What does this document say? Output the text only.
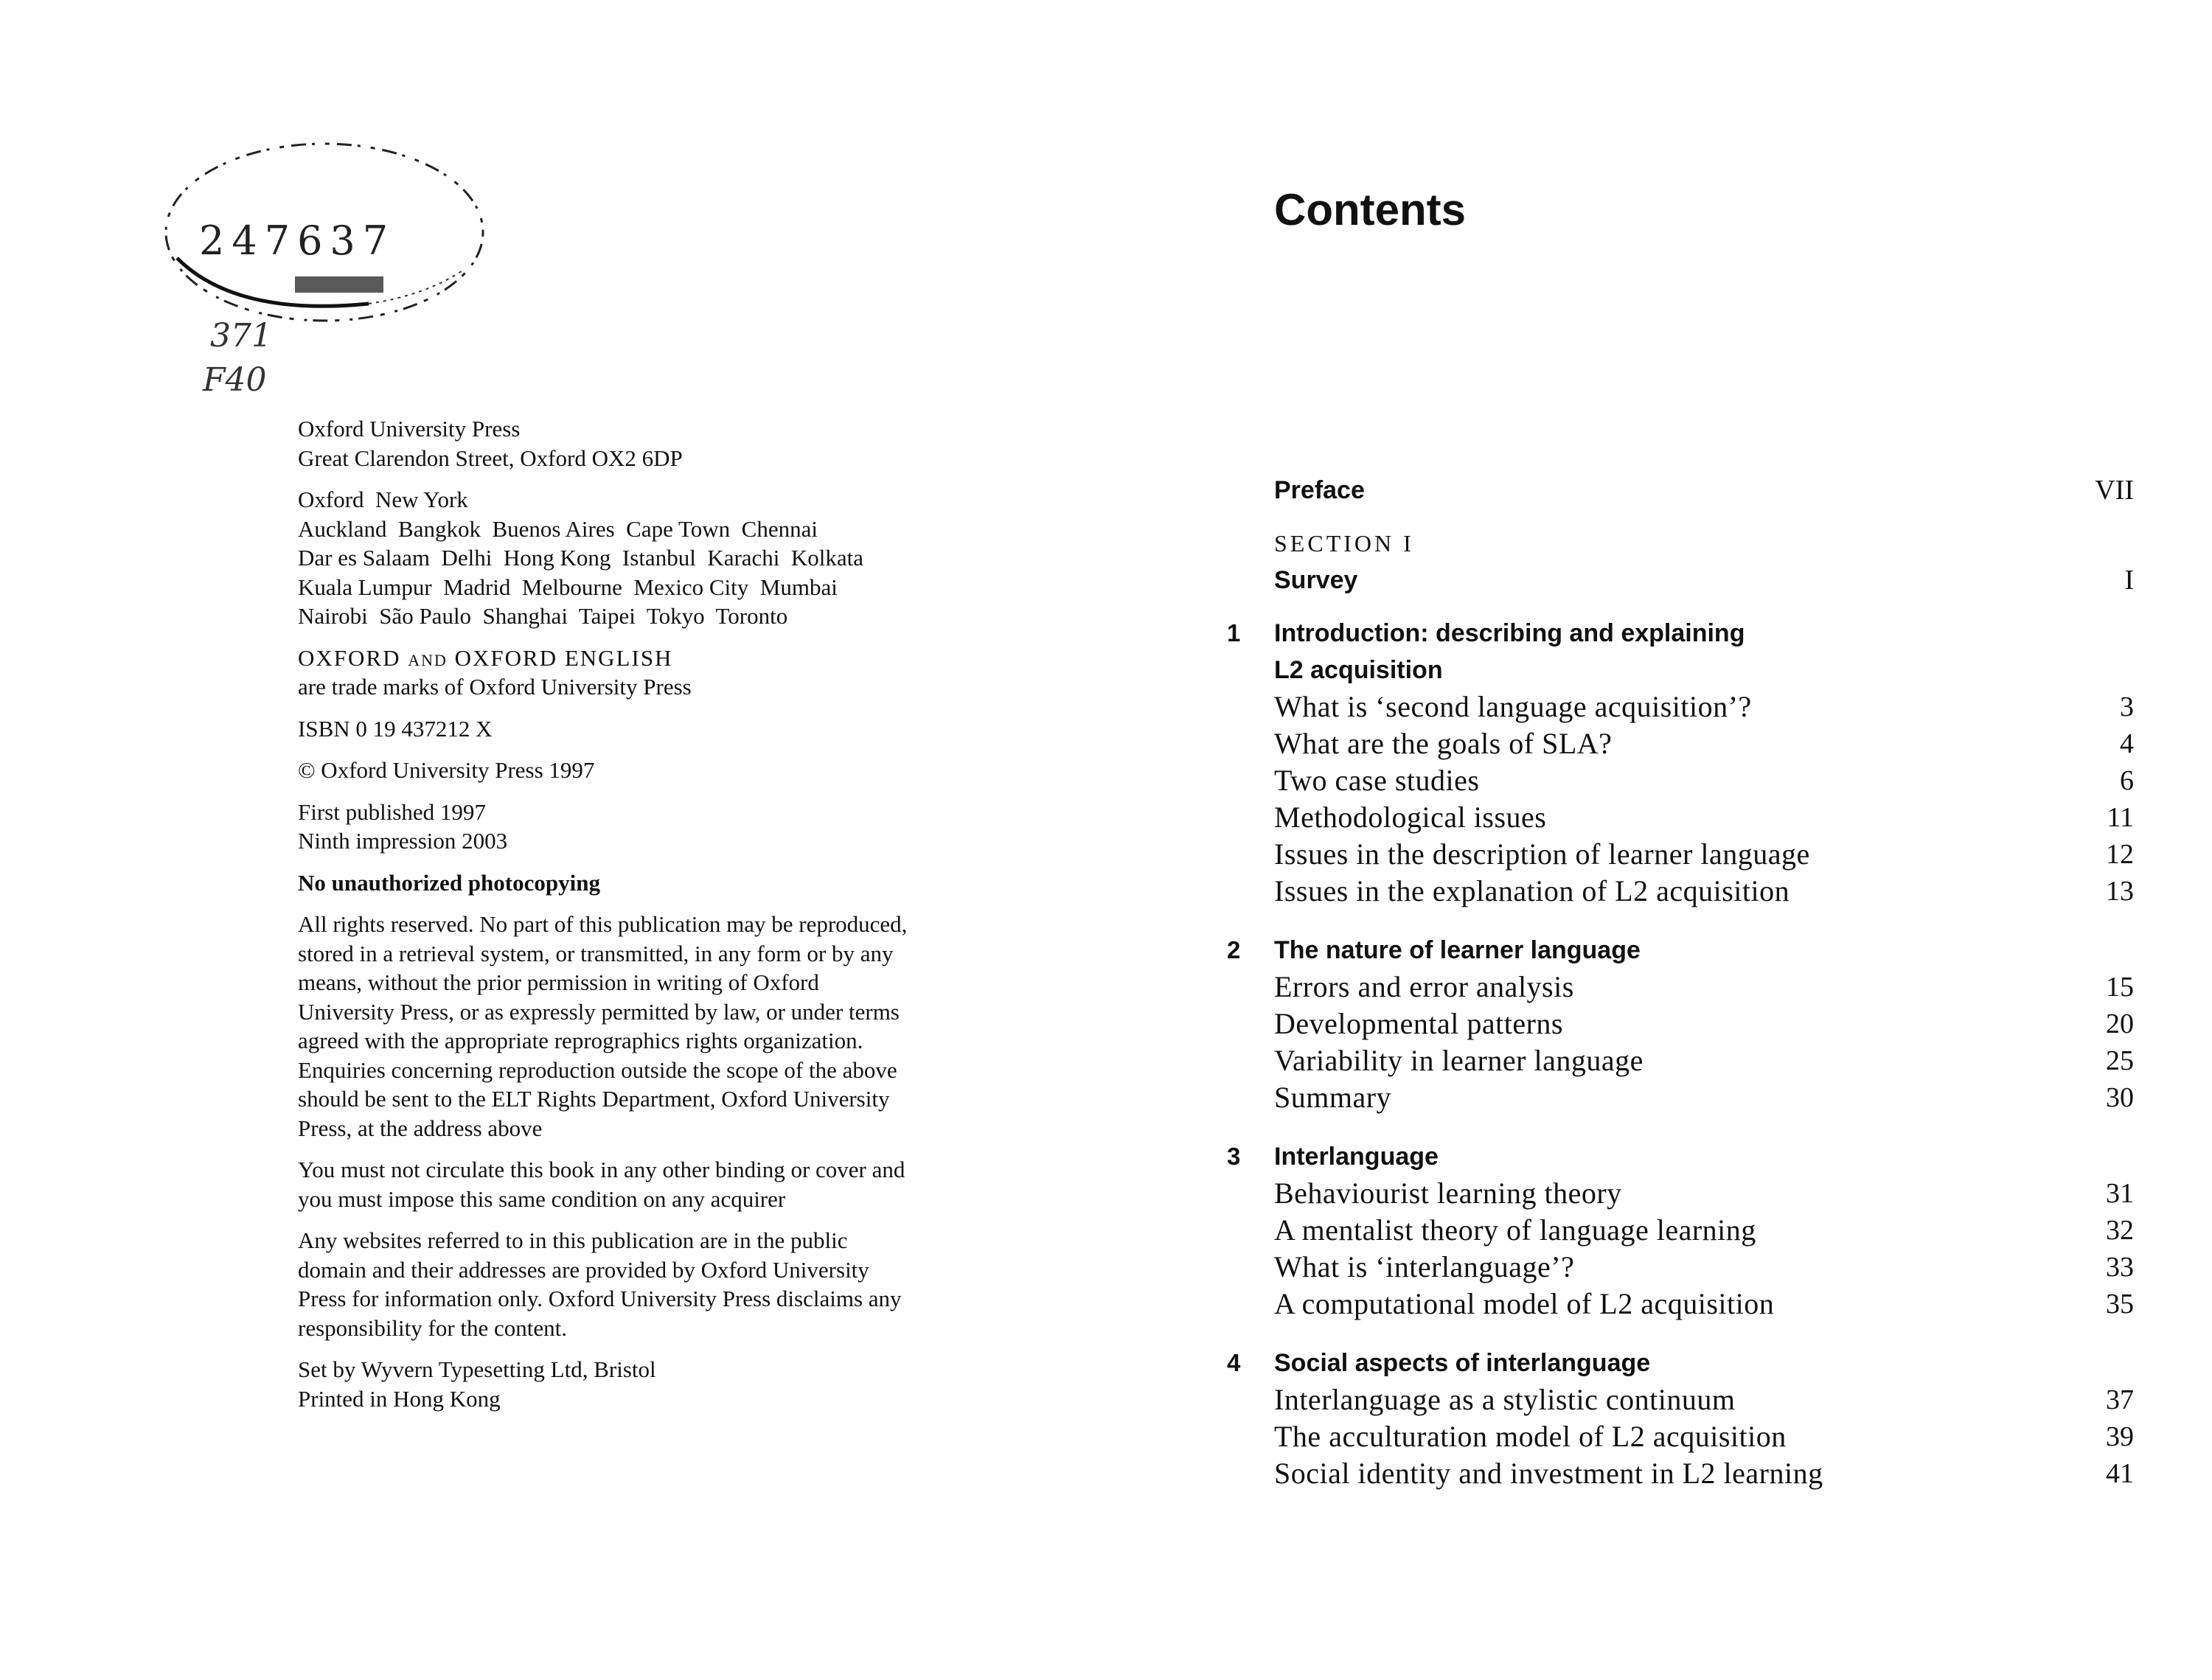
247637
371
F40
Oxford University Press
Great Clarendon Street, Oxford OX2 6DP
Oxford  New York
Auckland  Bangkok  Buenos Aires  Cape Town  Chennai
Dar es Salaam  Delhi  Hong Kong  Istanbul  Karachi  Kolkata
Kuala Lumpur  Madrid  Melbourne  Mexico City  Mumbai
Nairobi  São Paulo  Shanghai  Taipei  Tokyo  Toronto
OXFORD and OXFORD ENGLISH
are trade marks of Oxford University Press
ISBN 0 19 437212 X
© Oxford University Press 1997
First published 1997
Ninth impression 2003
No unauthorized photocopying
All rights reserved. No part of this publication may be reproduced,
stored in a retrieval system, or transmitted, in any form or by any
means, without the prior permission in writing of Oxford
University Press, or as expressly permitted by law, or under terms
agreed with the appropriate reprographics rights organization.
Enquiries concerning reproduction outside the scope of the above
should be sent to the ELT Rights Department, Oxford University
Press, at the address above
You must not circulate this book in any other binding or cover and
you must impose this same condition on any acquirer
Any websites referred to in this publication are in the public
domain and their addresses are provided by Oxford University
Press for information only. Oxford University Press disclaims any
responsibility for the content.
Set by Wyvern Typesetting Ltd, Bristol
Printed in Hong Kong
Contents
Preface	VII
SECTION I
Survey	I
1	Introduction: describing and explaining
L2 acquisition
What is ‘second language acquisition’?	3
What are the goals of SLA?	4
Two case studies	6
Methodological issues	11
Issues in the description of learner language	12
Issues in the explanation of L2 acquisition	13
2	The nature of learner language
Errors and error analysis	15
Developmental patterns	20
Variability in learner language	25
Summary	30
3	Interlanguage
Behaviourist learning theory	31
A mentalist theory of language learning	32
What is ‘interlanguage’?	33
A computational model of L2 acquisition	35
4	Social aspects of interlanguage
Interlanguage as a stylistic continuum	37
The acculturation model of L2 acquisition	39
Social identity and investment in L2 learning	41
